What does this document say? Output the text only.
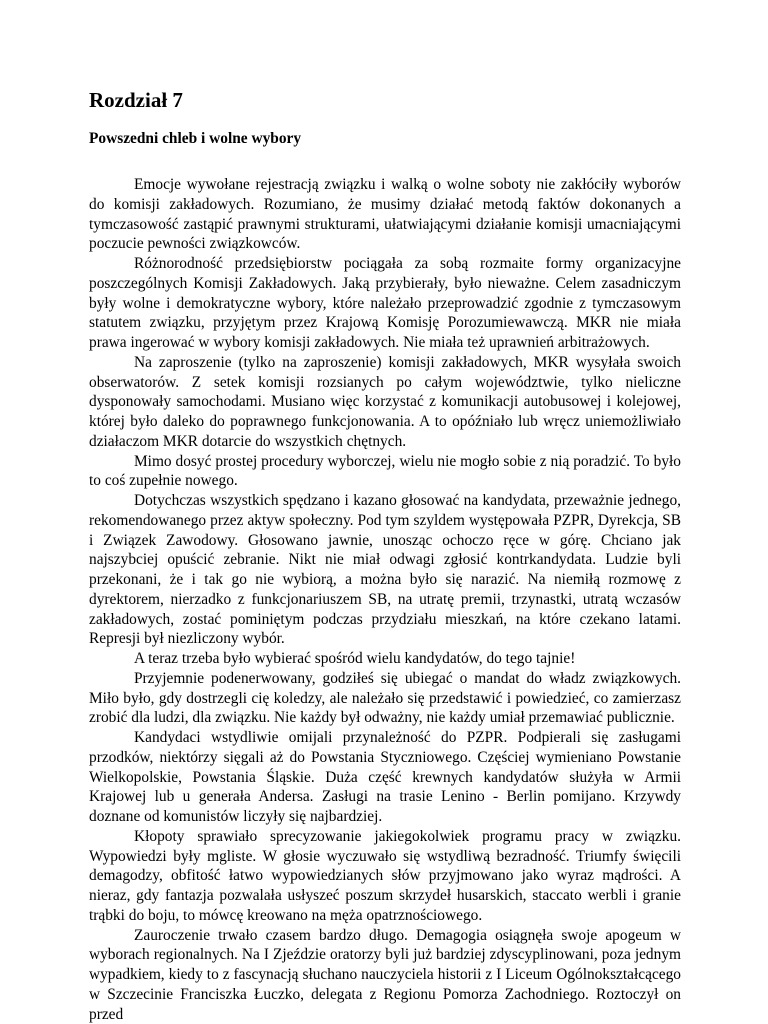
Rozdział 7
Powszedni chleb i wolne wybory

Emocje wywołane rejestracją związku i walką o wolne soboty nie zakłóciły wyborów do komisji zakładowych. Rozumiano, że musimy działać metodą faktów dokonanych a tymczasowość zastąpić prawnymi strukturami, ułatwiającymi działanie komisji umacniającymi poczucie pewności związkowców.

Różnorodność przedsiębiorstw pociągała za sobą rozmaite formy organizacyjne poszczególnych Komisji Zakładowych. Jaką przybierały, było nieważne. Celem zasadniczym były wolne i demokratyczne wybory, które należało przeprowadzić zgodnie z tymczasowym statutem związku, przyjętym przez Krajową Komisję Porozumiewawczą. MKR nie miała prawa ingerować w wybory komisji zakładowych. Nie miała też uprawnień arbitrażowych.

Na zaproszenie (tylko na zaproszenie) komisji zakładowych, MKR wysyłała swoich obserwatorów. Z setek komisji rozsianych po całym województwie, tylko nieliczne dysponowały samochodami. Musiano więc korzystać z komunikacji autobusowej i kolejowej, której było daleko do poprawnego funkcjonowania. A to opóźniało lub wręcz uniemożliwiało działaczom MKR dotarcie do wszystkich chętnych.

Mimo dosyć prostej procedury wyborczej, wielu nie mogło sobie z nią poradzić. To było to coś zupełnie nowego.

Dotychczas wszystkich spędzano i kazano głosować na kandydata, przeważnie jednego, rekomendowanego przez aktyw społeczny. Pod tym szyldem występowała PZPR, Dyrekcja, SB i Związek Zawodowy. Głosowano jawnie, unosząc ochoczo ręce w górę. Chciano jak najszybciej opuścić zebranie. Nikt nie miał odwagi zgłosić kontrkandydata. Ludzie byli przekonani, że i tak go nie wybiorą, a można było się narazić. Na niemiłą rozmowę z dyrektorem, nierzadko z funkcjonariuszem SB, na utratę premii, trzynastki, utratą wczasów zakładowych, zostać pominiętym podczas przydziału mieszkań, na które czekano latami. Represji był niezliczony wybór.

A teraz trzeba było wybierać spośród wielu kandydatów, do tego tajnie!

Przyjemnie podenerwowany, godziłeś się ubiegać o mandat do władz związkowych. Miło było, gdy dostrzegli cię koledzy, ale należało się przedstawić i powiedzieć, co zamierzasz zrobić dla ludzi, dla związku. Nie każdy był odważny, nie każdy umiał przemawiać publicznie.

Kandydaci wstydliwie omijali przynależność do PZPR. Podpierali się zasługami przodków, niektórzy sięgali aż do Powstania Styczniowego. Częściej wymieniano Powstanie Wielkopolskie, Powstania Śląskie. Duża część krewnych kandydatów służyła w Armii Krajowej lub u generała Andersa. Zasługi na trasie Lenino - Berlin pomijano. Krzywdy doznane od komunistów liczyły się najbardziej.

Kłopoty sprawiało sprecyzowanie jakiegokolwiek programu pracy w związku. Wypowiedzi były mgliste. W głosie wyczuwało się wstydliwą bezradność. Triumfy święcili demagodzy, obfitość łatwo wypowiedzianych słów przyjmowano jako wyraz mądrości. A nieraz, gdy fantazja pozwalała usłyszeć poszum skrzydeł husarskich, staccato werbli i granie trąbki do boju, to mówcę kreowano na męża opatrznościowego.

Zauroczenie trwało czasem bardzo długo. Demagogia osiągnęła swoje apogeum w wyborach regionalnych. Na I Zjeździe oratorzy byli już bardziej zdyscyplinowani, poza jednym wypadkiem, kiedy to z fascynacją słuchano nauczyciela historii z I Liceum Ogólnokształcącego w Szczecinie Franciszka Łuczko, delegata z Regionu Pomorza Zachodniego. Roztoczył on przed
